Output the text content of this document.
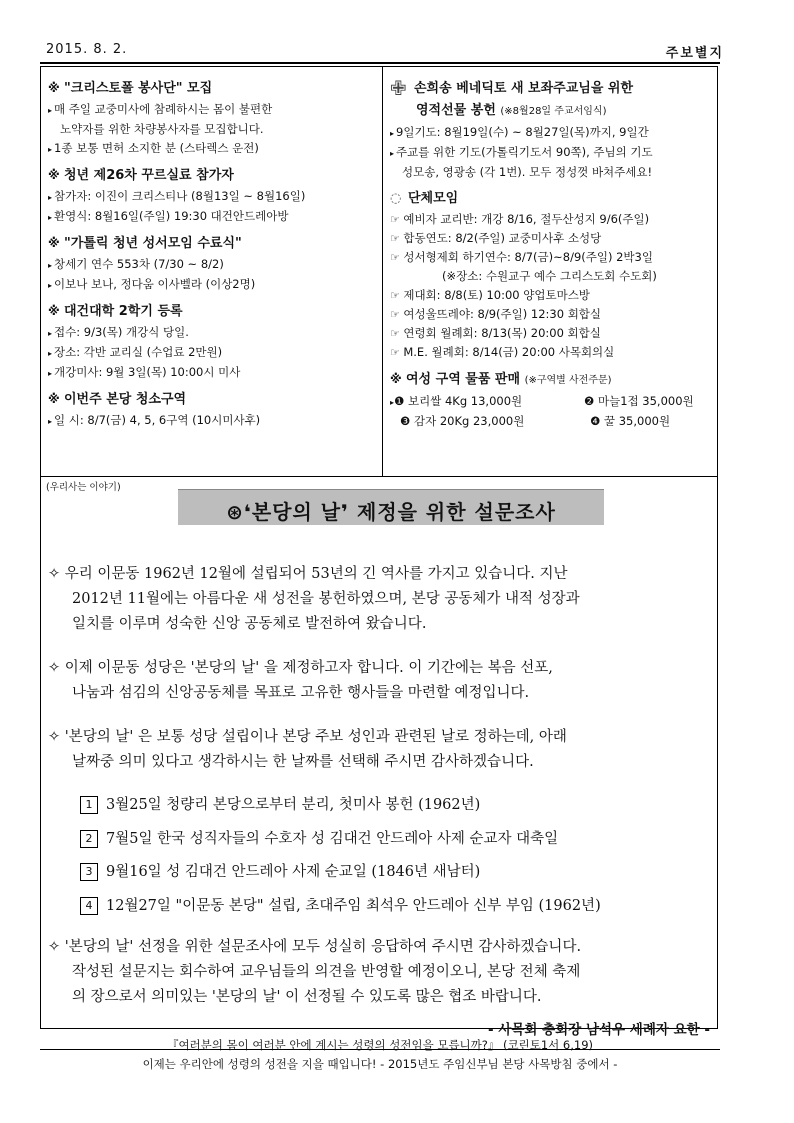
2015. 8. 2.	주보별지
※ "크리스토폴 봉사단" 모집
▸ 매 주일 교중미사에 참례하시는 몸이 불편한
노약자를 위한 차량봉사자를 모집합니다.
▸ 1종 보통 면허 소지한 분 (스타렉스 운전)
※ 청년 제26차 꾸르실료 참가자
▸ 참가자: 이진이 크리스티나 (8월13일 ~ 8월16일)
▸ 환영식: 8월16일(주일) 19:30 대건안드레아방
※ "가톨릭 청년 성서모임 수료식"
▸ 창세기 연수 553차 (7/30 ~ 8/2)
▸ 이보나 보나, 정다움 이사벨라 (이상2명)
※ 대건대학 2학기 등록
▸ 접수: 9/3(목) 개강식 당일.
▸ 장소: 각반 교리실 (수업료 2만원)
▸ 개강미사: 9월 3일(목) 10:00시 미사
※ 이번주 본당 청소구역
▸ 일 시: 8/7(금) 4, 5, 6구역 (10시미사후)
✙ 손희송 베네딕토 새 보좌주교님을 위한
영적선물 봉헌 (※8월28일 주교서임식)
▸ 9일기도: 8월19일(수) ~ 8월27일(목)까지, 9일간
▸ 주교를 위한 기도(가톨릭기도서 90쪽), 주님의 기도
성모송, 영광송 (각 1번). 모두 정성껏 바쳐주세요!
◌ 단체모임
☞ 예비자 교리반: 개강 8/16, 절두산성지 9/6(주일)
☞ 합동연도: 8/2(주일) 교중미사후 소성당
☞ 성서형제회 하기연수: 8/7(금)~8/9(주일) 2박3일
(※장소: 수원교구 예수 그리스도회 수도회)
☞ 제대회: 8/8(토) 10:00 양업토마스방
☞ 여성울뜨레야: 8/9(주일) 12:30 회합실
☞ 연령회 월례회: 8/13(목) 20:00 회합실
☞ M.E. 월례회: 8/14(금) 20:00 사목회의실
※ 여성 구역 물품 판매 (※구역별 사전주문)
▸❶ 보리쌀 4Kg 13,000원	❷ 마늘1접 35,000원
❸ 감자 20Kg 23,000원	❹ 꿀 35,000원
(우리사는 이야기)
⊛❛본당의 날❜ 제정을 위한 설문조사
✧ 우리 이문동 1962년 12월에 설립되어 53년의 긴 역사를 가지고 있습니다. 지난
2012년 11월에는 아름다운 새 성전을 봉헌하였으며, 본당 공동체가 내적 성장과
일치를 이루며 성숙한 신앙 공동체로 발전하여 왔습니다.
✧ 이제 이문동 성당은 '본당의 날' 을 제정하고자 합니다. 이 기간에는 복음 선포,
나눔과 섬김의 신앙공동체를 목표로 고유한 행사들을 마련할 예정입니다.
✧ '본당의 날' 은 보통 성당 설립이나 본당 주보 성인과 관련된 날로 정하는데, 아래
날짜중 의미 있다고 생각하시는 한 날짜를 선택해 주시면 감사하겠습니다.
1 3월25일 청량리 본당으로부터 분리, 첫미사 봉헌 (1962년)
2 7월5일 한국 성직자들의 수호자 성 김대건 안드레아 사제 순교자 대축일
3 9월16일 성 김대건 안드레아 사제 순교일 (1846년 새남터)
4 12월27일 "이문동 본당" 설립, 초대주임 최석우 안드레아 신부 부임 (1962년)
✧ '본당의 날' 선정을 위한 설문조사에 모두 성실히 응답하여 주시면 감사하겠습니다.
작성된 설문지는 회수하여 교우님들의 의견을 반영할 예정이오니, 본당 전체 축제
의 장으로서 의미있는 '본당의 날' 이 선정될 수 있도록 많은 협조 바랍니다.
- 사목회 총회장 남석우 세례자 요한 -
『여러분의 몸이 여러분 안에 계시는 성령의 성전임을 모릅니까?』 (코린토1서 6,19)
이제는 우리안에 성령의 성전을 지을 때입니다! - 2015년도 주임신부님 본당 사목방침 중에서 -
